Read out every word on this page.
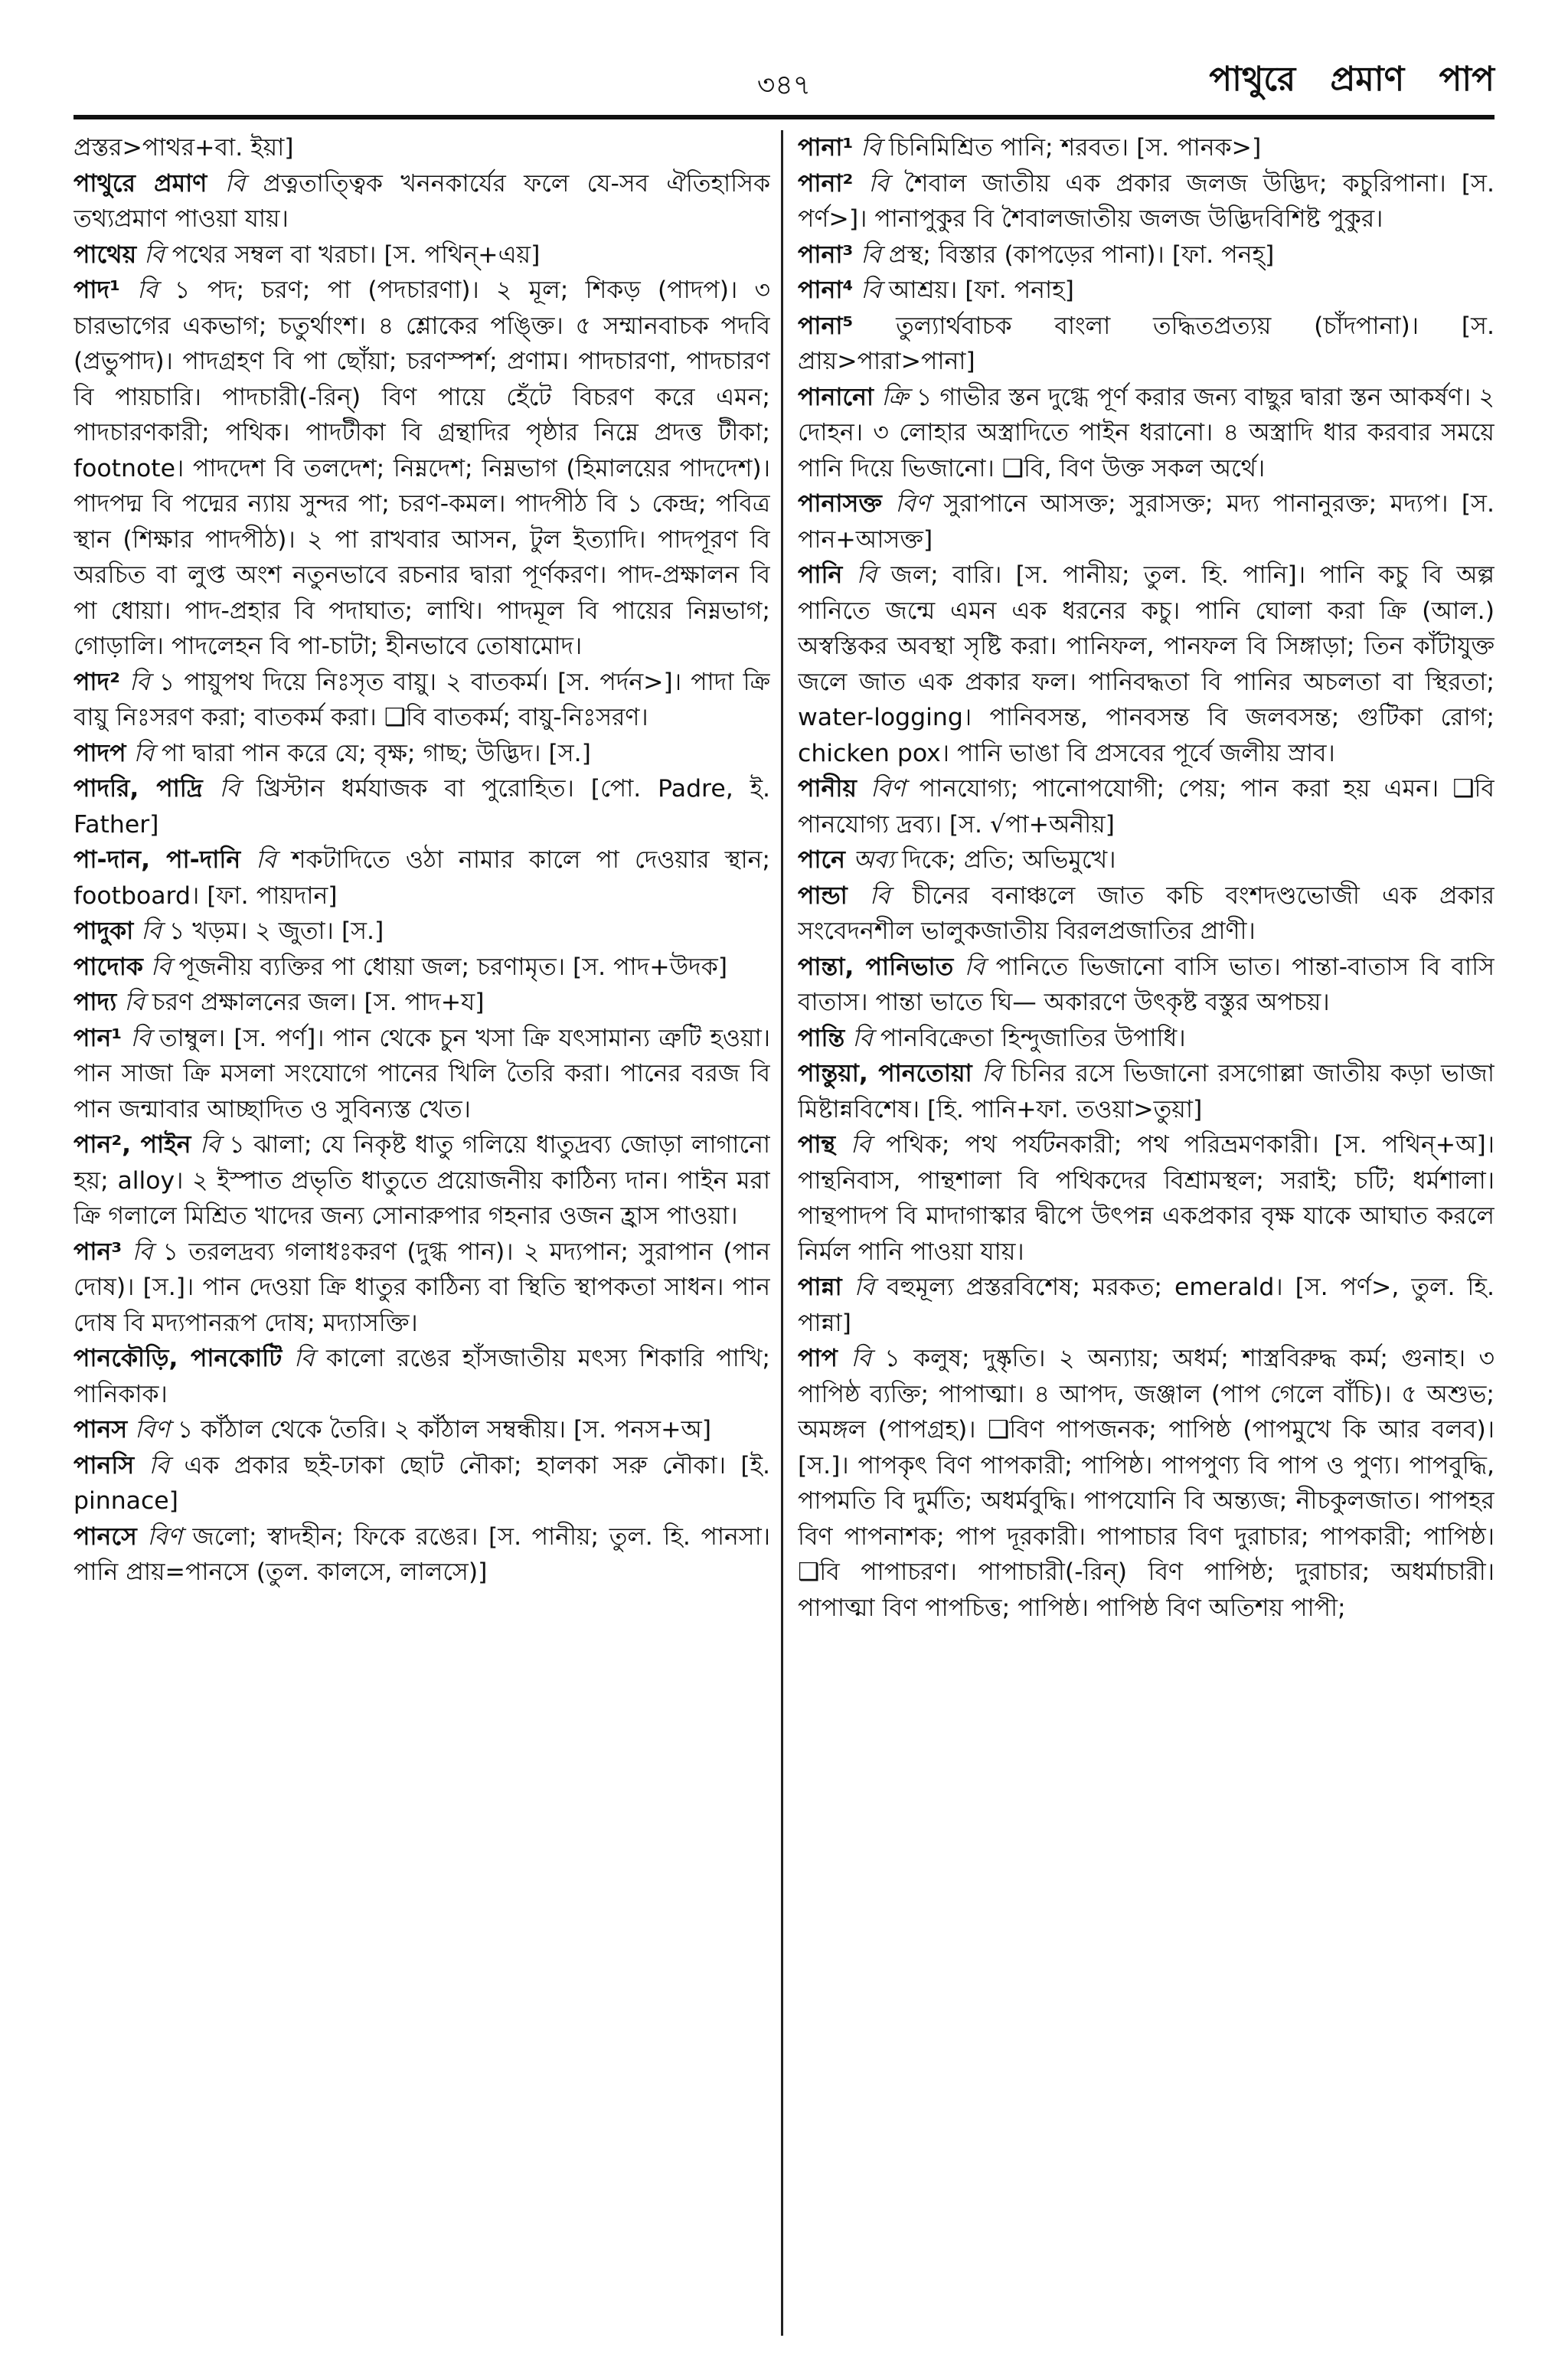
৩৪৭	পাথুরে প্রমাণ পাপ

প্রস্তর>পাথর+বা. ইয়া]

পাথুরে প্রমাণ বি প্রত্নতাত্ত্বিক খননকার্যের ফলে যে-সব ঐতিহাসিক তথ্যপ্রমাণ পাওয়া যায়।

পাথেয় বি পথের সম্বল বা খরচা। [স. পথিন্+এয়]

পাদ¹ বি ১ পদ; চরণ; পা (পদচারণা)। ২ মূল; শিকড় (পাদপ)। ৩ চারভাগের একভাগ; চতুর্থাংশ। ৪ শ্লোকের পঙ্ক্তি। ৫ সম্মানবাচক পদবি (প্রভুপাদ)। পাদগ্রহণ বি পা ছোঁয়া; চরণস্পর্শ; প্রণাম। পাদচারণা, পাদচারণ বি পায়চারি। পাদচারী(-রিন্) বিণ পায়ে হেঁটে বিচরণ করে এমন; পাদচারণকারী; পথিক। পাদটীকা বি গ্রন্থাদির পৃষ্ঠার নিম্নে প্রদত্ত টীকা; footnote। পাদদেশ বি তলদেশ; নিম্নদেশ; নিম্নভাগ (হিমালয়ের পাদদেশ)। পাদপদ্ম বি পদ্মের ন্যায় সুন্দর পা; চরণ-কমল। পাদপীঠ বি ১ কেন্দ্র; পবিত্র স্থান (শিক্ষার পাদপীঠ)। ২ পা রাখবার আসন, টুল ইত্যাদি। পাদপূরণ বি অরচিত বা লুপ্ত অংশ নতুনভাবে রচনার দ্বারা পূর্ণকরণ। পাদ-প্রক্ষালন বি পা ধোয়া। পাদ-প্রহার বি পদাঘাত; লাথি। পাদমূল বি পায়ের নিম্নভাগ; গোড়ালি। পাদলেহন বি পা-চাটা; হীনভাবে তোষামোদ।

পাদ² বি ১ পায়ুপথ দিয়ে নিঃসৃত বায়ু। ২ বাতকর্ম। [স. পর্দন>]। পাদা ক্রি বায়ু নিঃসরণ করা; বাতকর্ম করা। ❑বি বাতকর্ম; বায়ু-নিঃসরণ।

পাদপ বি পা দ্বারা পান করে যে; বৃক্ষ; গাছ; উদ্ভিদ। [স.]

পাদরি, পাদ্রি বি খ্রিস্টান ধর্মযাজক বা পুরোহিত। [পো. Padre, ই. Father]

পা-দান, পা-দানি বি শকটাদিতে ওঠা নামার কালে পা দেওয়ার স্থান; footboard। [ফা. পায়দান]

পাদুকা বি ১ খড়ম। ২ জুতা। [স.]

পাদোক বি পূজনীয় ব্যক্তির পা ধোয়া জল; চরণামৃত। [স. পাদ+উদক]

পাদ্য বি চরণ প্রক্ষালনের জল। [স. পাদ+য]

পান¹ বি তাম্বুল। [স. পর্ণ]। পান থেকে চুন খসা ক্রি যৎসামান্য ত্রুটি হওয়া। পান সাজা ক্রি মসলা সংযোগে পানের খিলি তৈরি করা। পানের বরজ বি পান জন্মাবার আচ্ছাদিত ও সুবিন্যস্ত খেত।

পান², পাইন বি ১ ঝালা; যে নিকৃষ্ট ধাতু গলিয়ে ধাতুদ্রব্য জোড়া লাগানো হয়; alloy। ২ ইস্পাত প্রভৃতি ধাতুতে প্রয়োজনীয় কাঠিন্য দান। পাইন মরা ক্রি গলালে মিশ্রিত খাদের জন্য সোনারুপার গহনার ওজন হ্রাস পাওয়া।

পান³ বি ১ তরলদ্রব্য গলাধঃকরণ (দুগ্ধ পান)। ২ মদ্যপান; সুরাপান (পান দোষ)। [স.]। পান দেওয়া ক্রি ধাতুর কাঠিন্য বা স্থিতি স্থাপকতা সাধন। পান দোষ বি মদ্যপানরূপ দোষ; মদ্যাসক্তি।

পানকৌড়ি, পানকোটি বি কালো রঙের হাঁসজাতীয় মৎস্য শিকারি পাখি; পানিকাক।

পানস বিণ ১ কাঁঠাল থেকে তৈরি। ২ কাঁঠাল সম্বন্ধীয়। [স. পনস+অ]

পানসি বি এক প্রকার ছই-ঢাকা ছোট নৌকা; হালকা সরু নৌকা। [ই. pinnace]

পানসে বিণ জলো; স্বাদহীন; ফিকে রঙের। [স. পানীয়; তুল. হি. পানসা। পানি প্রায়=পানসে (তুল. কালসে, লালসে)]

পানা¹ বি চিনিমিশ্রিত পানি; শরবত। [স. পানক>]

পানা² বি শৈবাল জাতীয় এক প্রকার জলজ উদ্ভিদ; কচুরিপানা। [স. পর্ণ>]। পানাপুকুর বি শৈবালজাতীয় জলজ উদ্ভিদবিশিষ্ট পুকুর।

পানা³ বি প্রস্থ; বিস্তার (কাপড়ের পানা)। [ফা. পনহ্]

পানা⁴ বি আশ্রয়। [ফা. পনাহ]

পানা⁵ তুল্যার্থবাচক বাংলা তদ্ধিতপ্রত্যয় (চাঁদপানা)। [স. প্রায়>পারা>পানা]

পানানো ক্রি ১ গাভীর স্তন দুগ্ধে পূর্ণ করার জন্য বাছুর দ্বারা স্তন আকর্ষণ। ২ দোহন। ৩ লোহার অস্ত্রাদিতে পাইন ধরানো। ৪ অস্ত্রাদি ধার করবার সময়ে পানি দিয়ে ভিজানো। ❑বি, বিণ উক্ত সকল অর্থে।

পানাসক্ত বিণ সুরাপানে আসক্ত; সুরাসক্ত; মদ্য পানানুরক্ত; মদ্যপ। [স. পান+আসক্ত]

পানি বি জল; বারি। [স. পানীয়; তুল. হি. পানি]। পানি কচু বি অল্প পানিতে জন্মে এমন এক ধরনের কচু। পানি ঘোলা করা ক্রি (আল.) অস্বস্তিকর অবস্থা সৃষ্টি করা। পানিফল, পানফল বি সিঙ্গাড়া; তিন কাঁটাযুক্ত জলে জাত এক প্রকার ফল। পানিবদ্ধতা বি পানির অচলতা বা স্থিরতা; water-logging। পানিবসন্ত, পানবসন্ত বি জলবসন্ত; গুটিকা রোগ; chicken pox। পানি ভাঙা বি প্রসবের পূর্বে জলীয় স্রাব।

পানীয় বিণ পানযোগ্য; পানোপযোগী; পেয়; পান করা হয় এমন। ❑বি পানযোগ্য দ্রব্য। [স. √পা+অনীয়]

পানে অব্য দিকে; প্রতি; অভিমুখে।

পান্ডা বি চীনের বনাঞ্চলে জাত কচি বংশদণ্ডভোজী এক প্রকার সংবেদনশীল ভালুকজাতীয় বিরলপ্রজাতির প্রাণী।

পান্তা, পানিভাত বি পানিতে ভিজানো বাসি ভাত। পান্তা-বাতাস বি বাসি বাতাস। পান্তা ভাতে ঘি— অকারণে উৎকৃষ্ট বস্তুর অপচয়।

পান্তি বি পানবিক্রেতা হিন্দুজাতির উপাধি।

পান্তুয়া, পানতোয়া বি চিনির রসে ভিজানো রসগোল্লা জাতীয় কড়া ভাজা মিষ্টান্নবিশেষ। [হি. পানি+ফা. তওয়া>তুয়া]

পান্থ বি পথিক; পথ পর্যটনকারী; পথ পরিভ্রমণকারী। [স. পথিন্+অ]। পান্থনিবাস, পান্থশালা বি পথিকদের বিশ্রামস্থল; সরাই; চটি; ধর্মশালা। পান্থপাদপ বি মাদাগাস্কার দ্বীপে উৎপন্ন একপ্রকার বৃক্ষ যাকে আঘাত করলে নির্মল পানি পাওয়া যায়।

পান্না বি বহুমূল্য প্রস্তরবিশেষ; মরকত; emerald। [স. পর্ণ>, তুল. হি. পান্না]

পাপ বি ১ কলুষ; দুষ্কৃতি। ২ অন্যায়; অধর্ম; শাস্ত্রবিরুদ্ধ কর্ম; গুনাহ। ৩ পাপিষ্ঠ ব্যক্তি; পাপাত্মা। ৪ আপদ, জঞ্জাল (পাপ গেলে বাঁচি)। ৫ অশুভ; অমঙ্গল (পাপগ্রহ)। ❑বিণ পাপজনক; পাপিষ্ঠ (পাপমুখে কি আর বলব)। [স.]। পাপকৃৎ বিণ পাপকারী; পাপিষ্ঠ। পাপপুণ্য বি পাপ ও পুণ্য। পাপবুদ্ধি, পাপমতি বি দুর্মতি; অধর্মবুদ্ধি। পাপযোনি বি অন্ত্যজ; নীচকুলজাত। পাপহর বিণ পাপনাশক; পাপ দূরকারী। পাপাচার বিণ দুরাচার; পাপকারী; পাপিষ্ঠ। ❑বি পাপাচরণ। পাপাচারী(-রিন্) বিণ পাপিষ্ঠ; দুরাচার; অধর্মাচারী। পাপাত্মা বিণ পাপচিত্ত; পাপিষ্ঠ। পাপিষ্ঠ বিণ অতিশয় পাপী;
